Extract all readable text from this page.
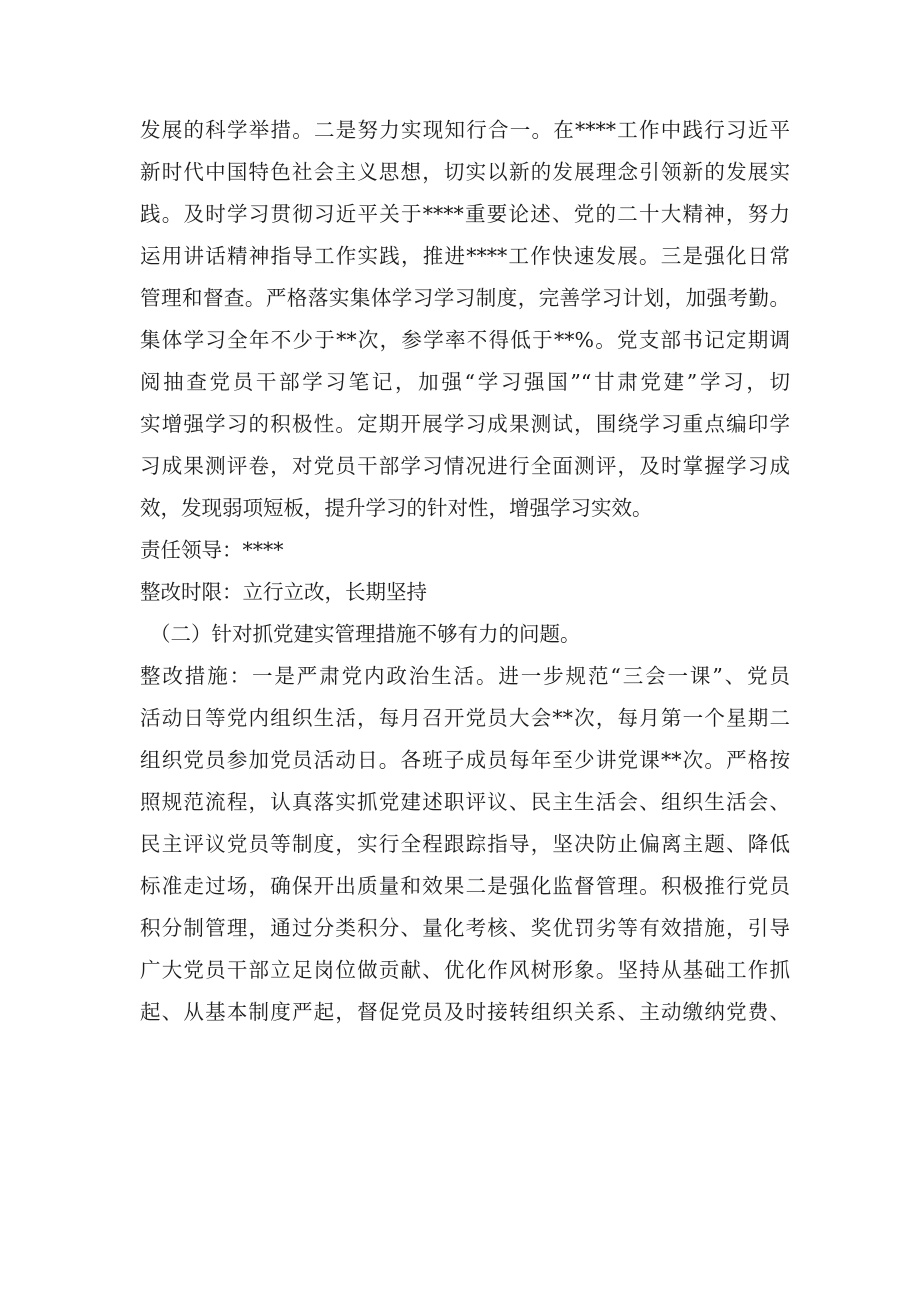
发展的科学举措。二是努力实现知行合一。在****工作中践行习近平
新时代中国特色社会主义思想，切实以新的发展理念引领新的发展实
践。及时学习贯彻习近平关于****重要论述、党的二十大精神，努力
运用讲话精神指导工作实践，推进****工作快速发展。三是强化日常
管理和督查。严格落实集体学习学习制度，完善学习计划，加强考勤。
集体学习全年不少于**次，参学率不得低于**%。党支部书记定期调
阅抽查党员干部学习笔记，加强“学习强国”“甘肃党建”学习，切
实增强学习的积极性。定期开展学习成果测试，围绕学习重点编印学
习成果测评卷，对党员干部学习情况进行全面测评，及时掌握学习成
效，发现弱项短板，提升学习的针对性，增强学习实效。
责任领导：****
整改时限：立行立改，长期坚持
（二）针对抓党建实管理措施不够有力的问题。
整改措施：一是严肃党内政治生活。进一步规范“三会一课”、党员
活动日等党内组织生活，每月召开党员大会**次，每月第一个星期二
组织党员参加党员活动日。各班子成员每年至少讲党课**次。严格按
照规范流程，认真落实抓党建述职评议、民主生活会、组织生活会、
民主评议党员等制度，实行全程跟踪指导，坚决防止偏离主题、降低
标准走过场，确保开出质量和效果二是强化监督管理。积极推行党员
积分制管理，通过分类积分、量化考核、奖优罚劣等有效措施，引导
广大党员干部立足岗位做贡献、优化作风树形象。坚持从基础工作抓
起、从基本制度严起，督促党员及时接转组织关系、主动缴纳党费、
